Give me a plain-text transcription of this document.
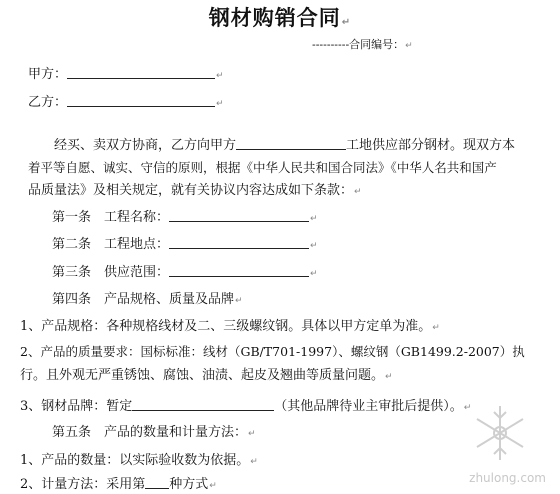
钢材购销合同↵
----------合同编号：↵
甲方：	↵
乙方：	↵
经买、卖双方协商，乙方向甲方	工地供应部分钢材。现双方本
着平等自愿、诚实、守信的原则，根据《中华人民共和国合同法》《中华人名共和国产
品质量法》及相关规定，就有关协议内容达成如下条款：↵
第一条　工程名称：	↵
第二条　工程地点：	↵
第三条　供应范围：	↵
第四条　产品规格、质量及品牌↵
1、产品规格：各种规格线材及二、三级螺纹钢。具体以甲方定单为准。↵
2、产品的质量要求：国标标准：线材（GB/T701-1997）、螺纹钢（GB1499.2-2007）执
行。且外观无严重锈蚀、腐蚀、油渍、起皮及翘曲等质量问题。↵
3、钢材品牌：暂定	（其他品牌待业主审批后提供）。↵
第五条　产品的数量和计量方法：↵
1、产品的数量：以实际验收数为依据。↵
2、计量方法：采用第 种方式↵
zhulong.com
